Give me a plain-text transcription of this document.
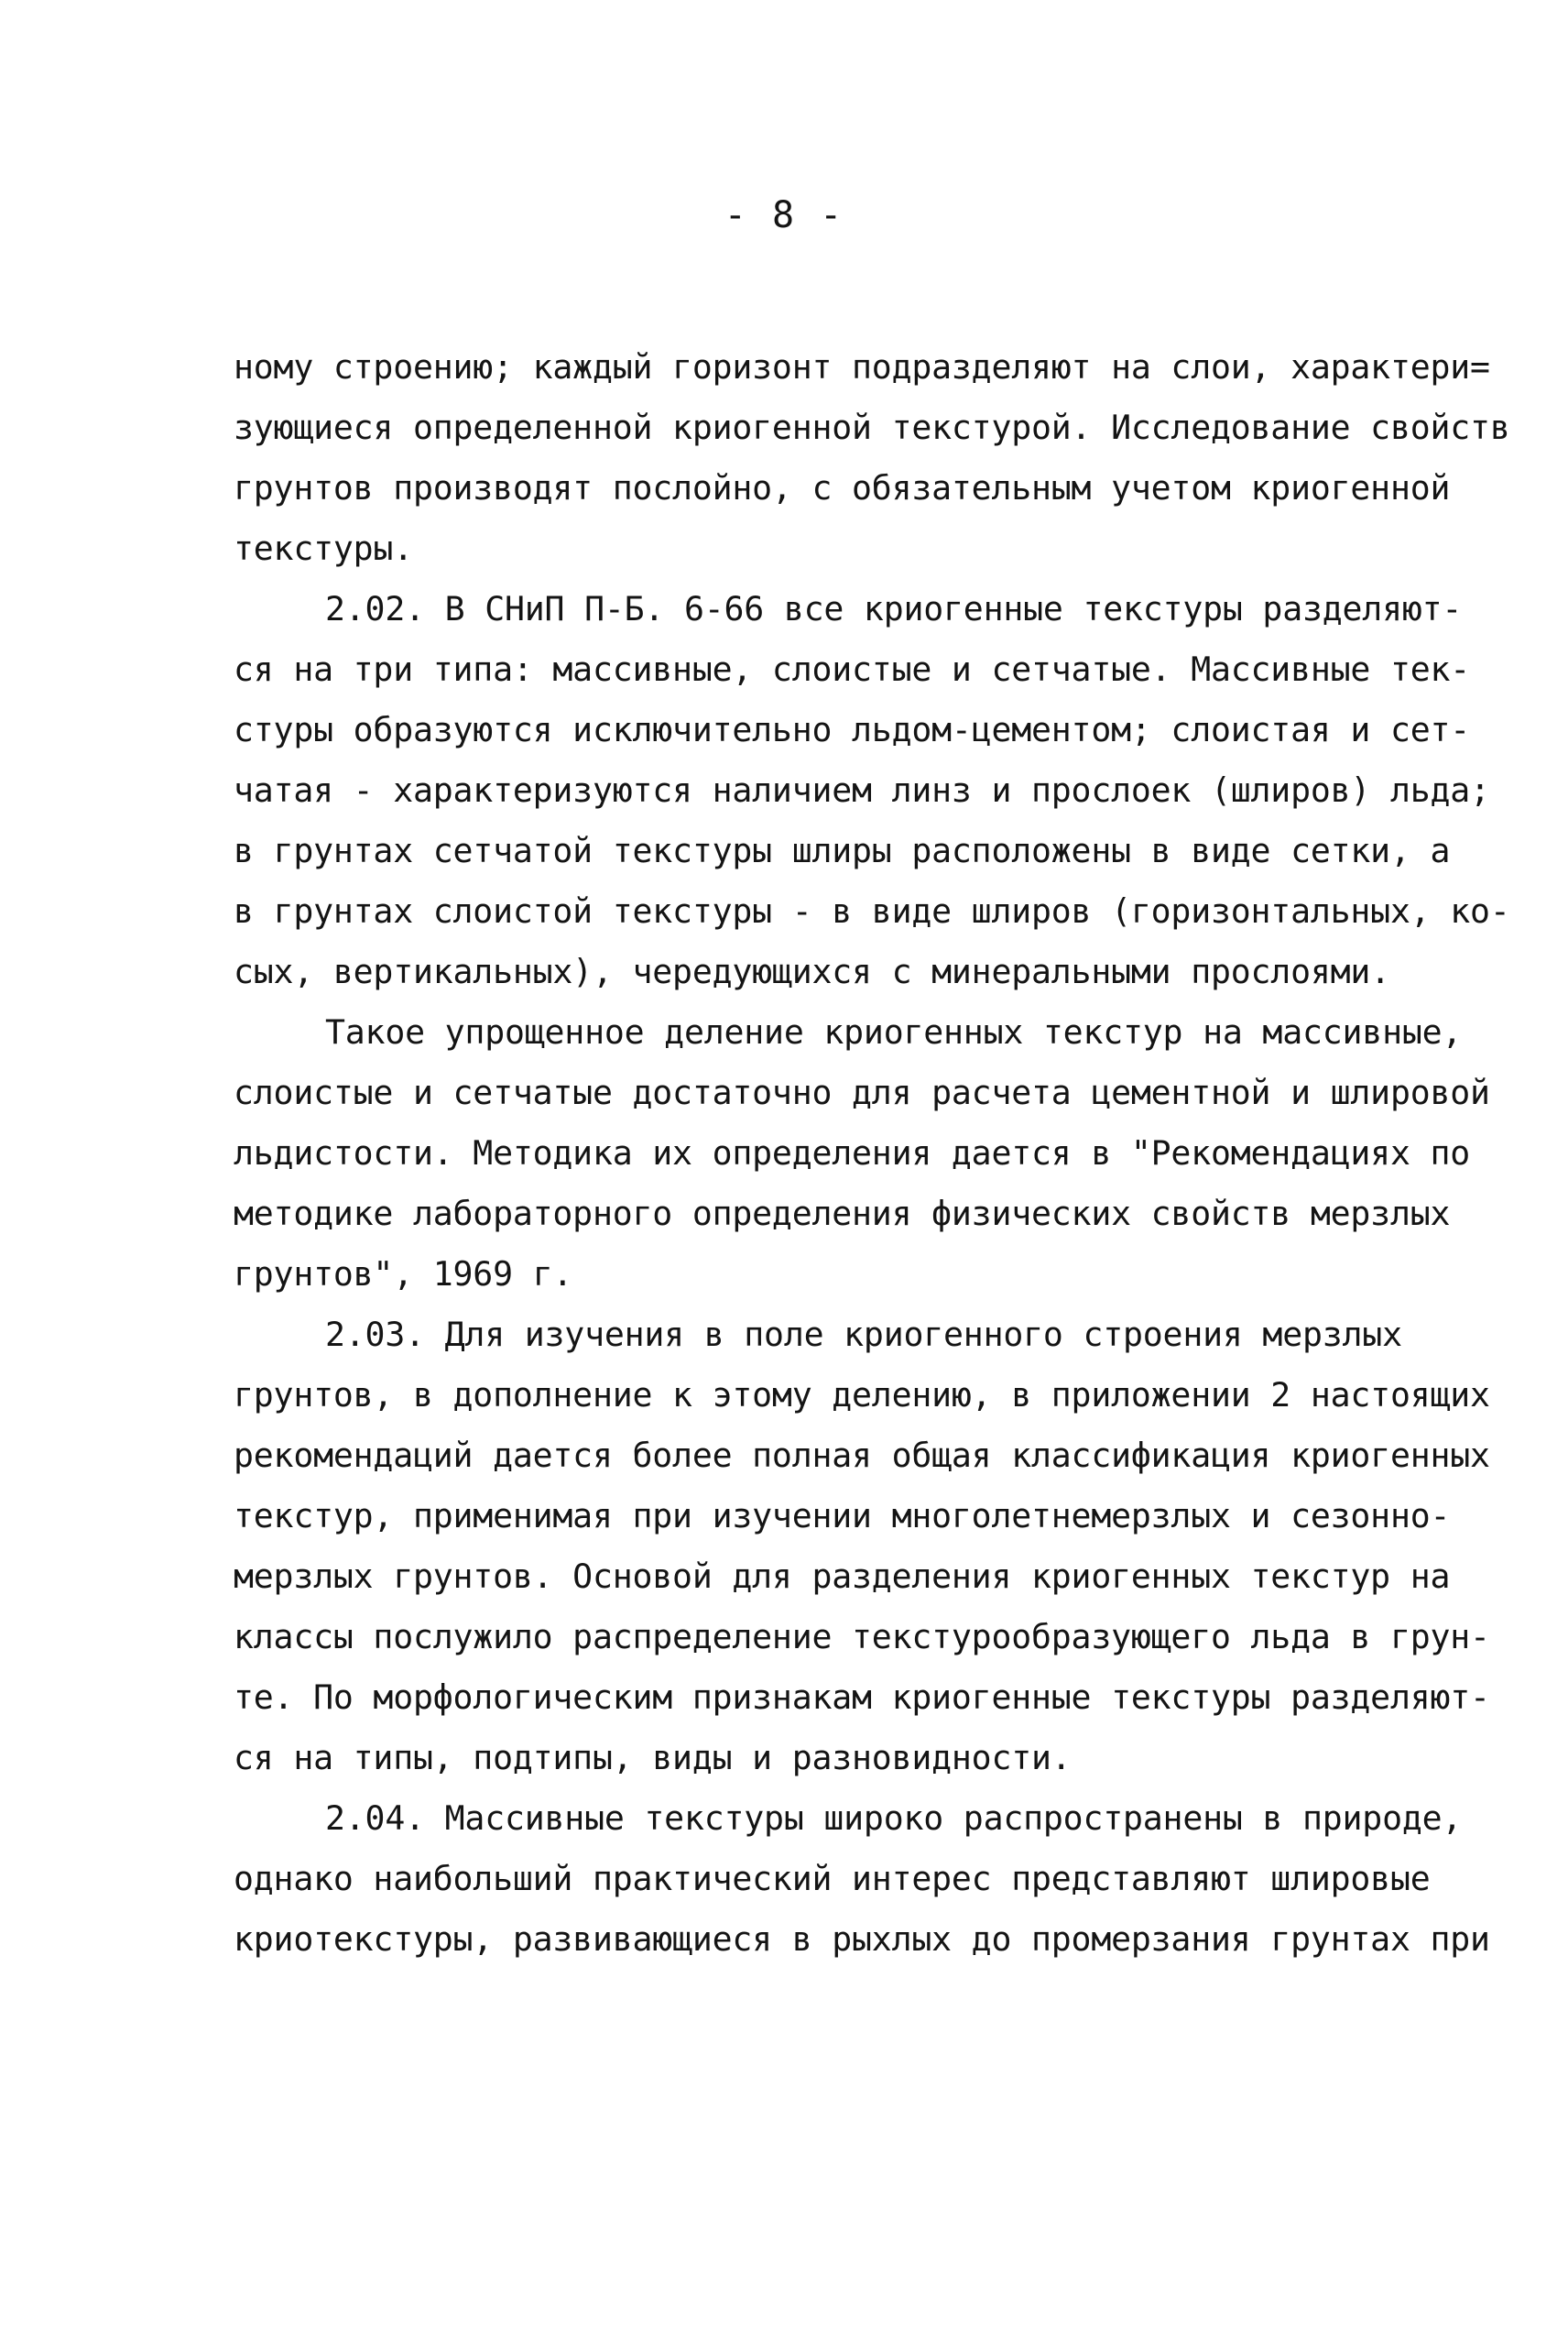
- 8 -
ному строению; каждый горизонт подразделяют на слои, характери=
зующиеся определенной криогенной текстурой. Исследование свойств
грунтов производят послойно, с обязательным учетом криогенной
текстуры.
2.02. В СНиП П-Б. 6-66 все криогенные текстуры разделяют-
ся на три типа: массивные, слоистые и сетчатые. Массивные тек-
стуры образуются исключительно льдом-цементом; слоистая и сет-
чатая - характеризуются наличием линз и прослоек (шлиров) льда;
в грунтах сетчатой текстуры шлиры расположены в виде сетки, а
в грунтах слоистой текстуры - в виде шлиров (горизонтальных, ко-
сых, вертикальных), чередующихся с минеральными прослоями.
Такое упрощенное деление криогенных текстур на массивные,
слоистые и сетчатые достаточно для расчета цементной и шлировой
льдистости. Методика их определения дается в "Рекомендациях по
методике лабораторного определения физических свойств мерзлых
грунтов", 1969 г.
2.03. Для изучения в поле криогенного строения мерзлых
грунтов, в дополнение к этому делению, в приложении 2 настоящих
рекомендаций дается более полная общая классификация криогенных
текстур, применимая при изучении многолетнемерзлых и сезонно-
мерзлых грунтов. Основой для разделения криогенных текстур на
классы послужило распределение текстурообразующего льда в грун-
те. По морфологическим признакам криогенные текстуры разделяют-
ся на типы, подтипы, виды и разновидности.
2.04. Массивные текстуры широко распространены в природе,
однако наибольший практический интерес представляют шлировые
криотекстуры, развивающиеся в рыхлых до промерзания грунтах при
